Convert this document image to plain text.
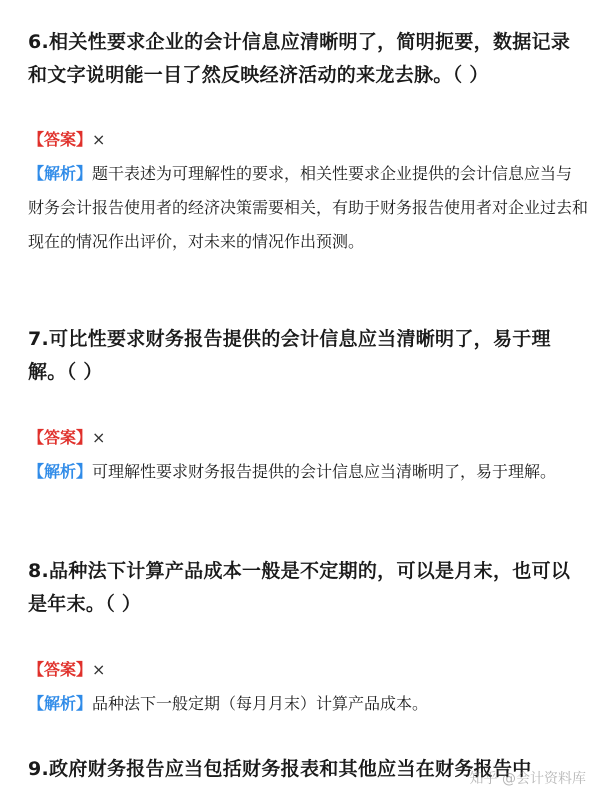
6.相关性要求企业的会计信息应清晰明了，简明扼要，数据记录和文字说明能一目了然反映经济活动的来龙去脉。（ ）

【答案】×

【解析】题干表述为可理解性的要求，相关性要求企业提供的会计信息应当与财务会计报告使用者的经济决策需要相关，有助于财务报告使用者对企业过去和现在的情况作出评价，对未来的情况作出预测。

7.可比性要求财务报告提供的会计信息应当清晰明了，易于理解。（ ）

【答案】×

【解析】可理解性要求财务报告提供的会计信息应当清晰明了，易于理解。

8.品种法下计算产品成本一般是不定期的，可以是月末，也可以是年末。（ ）

【答案】×

【解析】品种法下一般定期（每月月末）计算产品成本。

9.政府财务报告应当包括财务报表和其他应当在财务报告中

知乎 @会计资料库
